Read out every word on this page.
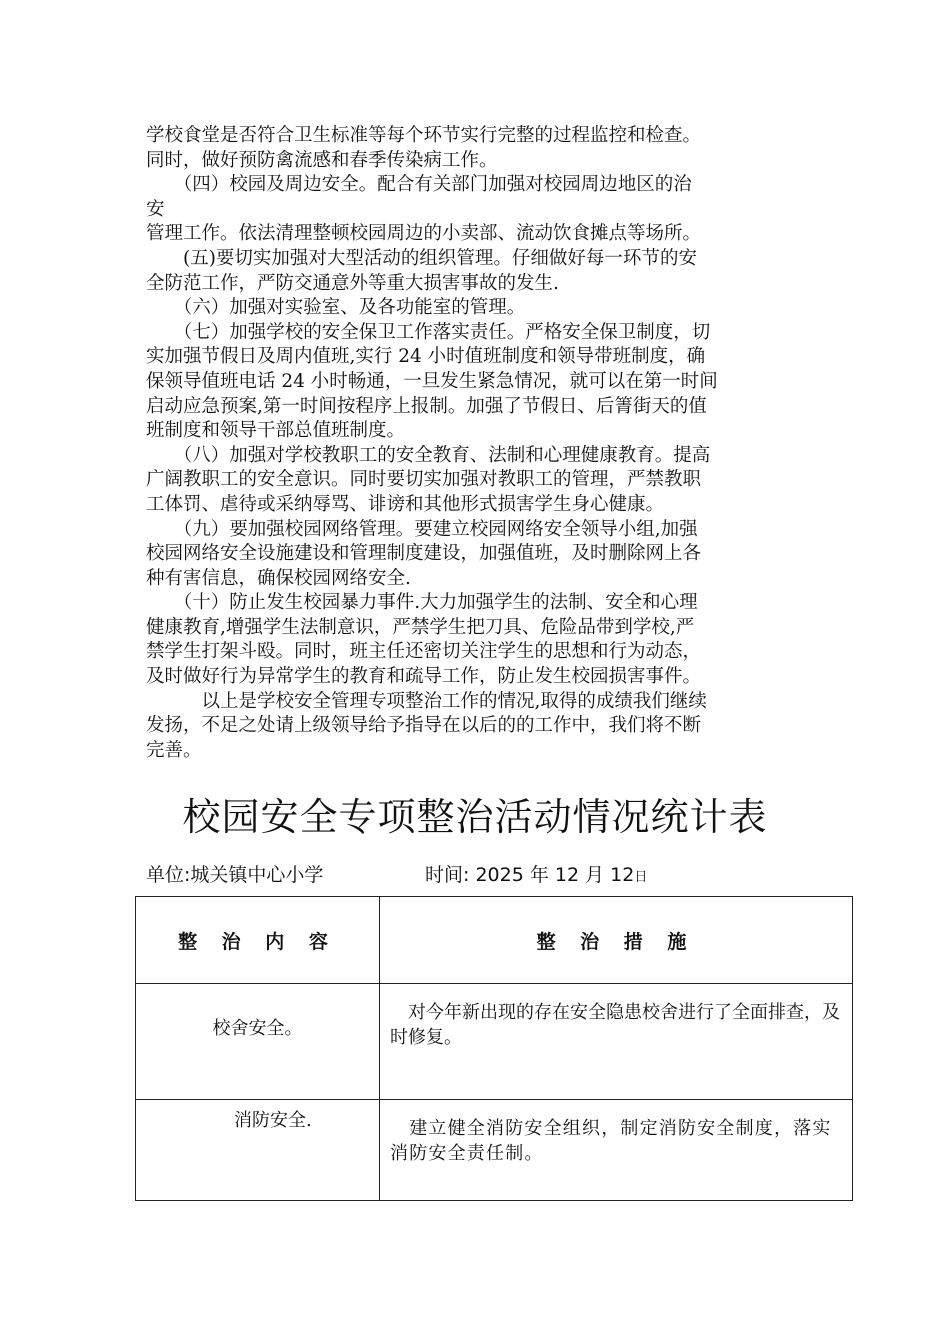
学校食堂是否符合卫生标准等每个环节实行完整的过程监控和检查。

同时，做好预防禽流感和春季传染病工作。

　　（四）校园及周边安全。配合有关部门加强对校园周边地区的治

安

管理工作。依法清理整顿校园周边的小卖部、流动饮食摊点等场所。

　　(五)要切实加强对大型活动的组织管理。仔细做好每一环节的安

全防范工作，严防交通意外等重大损害事故的发生.

　　（六）加强对实验室、及各功能室的管理。

　　（七）加强学校的安全保卫工作落实责任。严格安全保卫制度，切

实加强节假日及周内值班,实行 24 小时值班制度和领导带班制度，确

保领导值班电话 24 小时畅通，一旦发生紧急情况，就可以在第一时间

启动应急预案,第一时间按程序上报制。加强了节假日、后箐街天的值

班制度和领导干部总值班制度。

　　（八）加强对学校教职工的安全教育、法制和心理健康教育。提高

广阔教职工的安全意识。同时要切实加强对教职工的管理，严禁教职

工体罚、虐待或采纳辱骂、诽谤和其他形式损害学生身心健康。

　　（九）要加强校园网络管理。要建立校园网络安全领导小组,加强

校园网络安全设施建设和管理制度建设，加强值班，及时删除网上各

种有害信息，确保校园网络安全.

　　（十）防止发生校园暴力事件.大力加强学生的法制、安全和心理

健康教育,增强学生法制意识，严禁学生把刀具、危险品带到学校,严

禁学生打架斗殴。同时，班主任还密切关注学生的思想和行为动态，

及时做好行为异常学生的教育和疏导工作，防止发生校园损害事件。

　　　以上是学校安全管理专项整治工作的情况,取得的成绩我们继续

发扬，不足之处请上级领导给予指导在以后的的工作中，我们将不断

完善。

校园安全专项整治活动情况统计表
单位:城关镇中心小学	时间: 2025 年 12 月 12日
整 治 内 容	整 治 措 施
校舍安全。	　对今年新出现的存在安全隐患校舍进行了全面排查，及时修复。
消防安全.	　建立健全消防安全组织，制定消防安全制度，落实消防安全责任制。
